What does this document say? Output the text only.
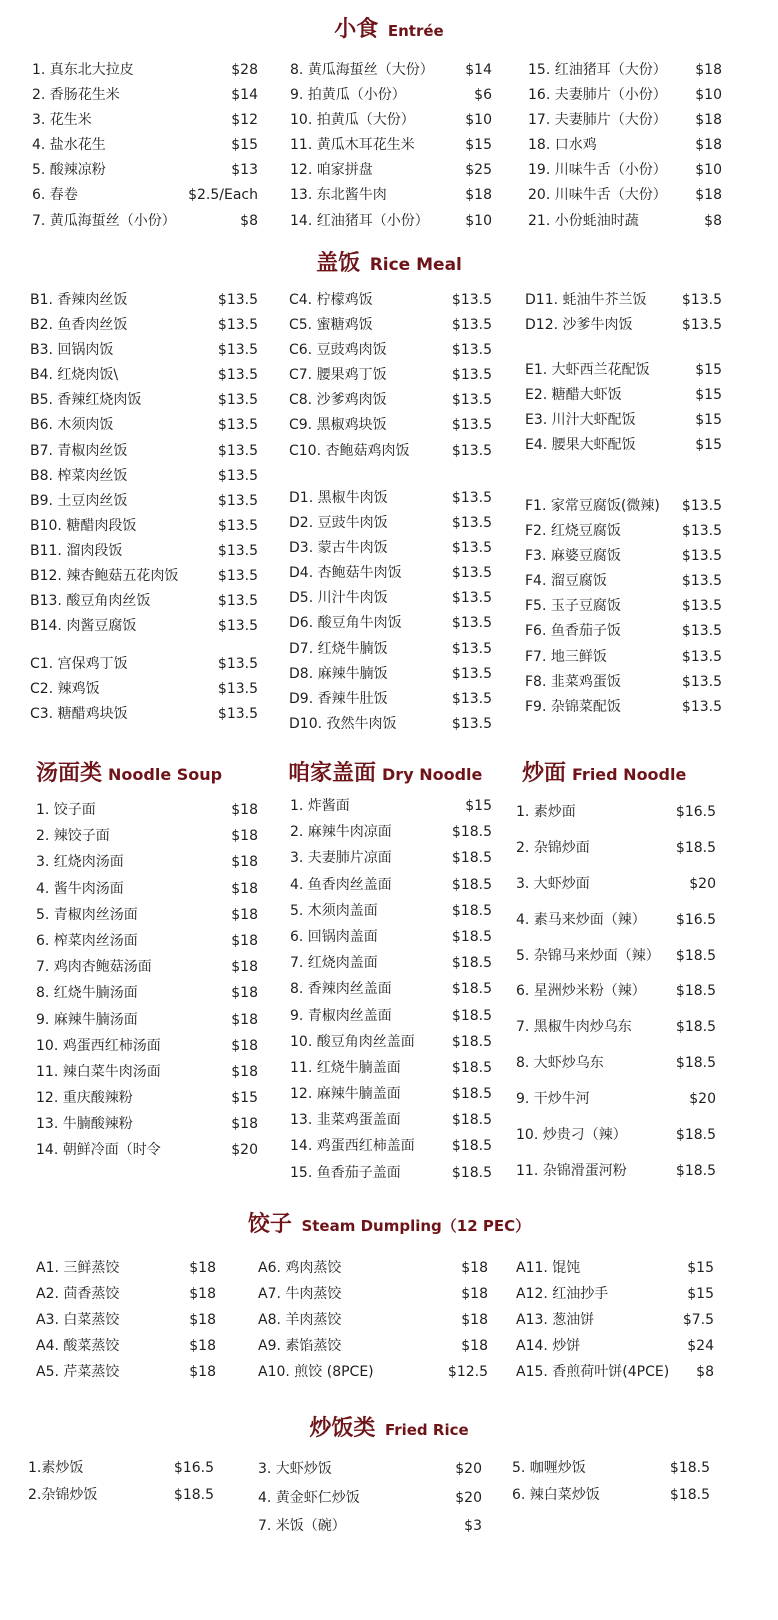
小食 Entrée
1. 真东北大拉皮	$28
2. 香肠花生米	$14
3. 花生米	$12
4. 盐水花生	$15
5. 酸辣凉粉	$13
6. 春卷	$2.5/Each
7. 黄瓜海蜇丝（小份）	$8
8. 黄瓜海蜇丝（大份） $14
9. 拍黄瓜（小份）	$6
10. 拍黄瓜（大份）	$10
11. 黄瓜木耳花生米	$15
12. 咱家拼盘	$25
13. 东北酱牛肉	$18
14. 红油猪耳（小份）	$10
15. 红油猪耳（大份） $18
16. 夫妻肺片（小份） $10
17. 夫妻肺片（大份） $18
18. 口水鸡	$18
19. 川味牛舌（小份） $10
20. 川味牛舌（大份） $18
21. 小份蚝油时蔬	$8
盖饭 Rice Meal
B1. 香辣肉丝饭	$13.5
B2. 鱼香肉丝饭	$13.5
B3. 回锅肉饭	$13.5
B4. 红烧肉饭\	$13.5
B5. 香辣红烧肉饭	$13.5
B6. 木须肉饭	$13.5
B7. 青椒肉丝饭	$13.5
B8. 榨菜肉丝饭	$13.5
B9. 土豆肉丝饭	$13.5
B10. 糖醋肉段饭	$13.5
B11. 溜肉段饭	$13.5
B12. 辣杏鲍菇五花肉饭	$13.5
B13. 酸豆角肉丝饭	$13.5
B14. 肉酱豆腐饭	$13.5
C1. 宫保鸡丁饭	$13.5
C2. 辣鸡饭	$13.5
C3. 糖醋鸡块饭	$13.5
C4. 柠檬鸡饭	$13.5
C5. 蜜糖鸡饭	$13.5
C6. 豆豉鸡肉饭	$13.5
C7. 腰果鸡丁饭	$13.5
C8. 沙爹鸡肉饭	$13.5
C9. 黑椒鸡块饭	$13.5
C10. 杏鲍菇鸡肉饭	$13.5
D1. 黑椒牛肉饭	$13.5
D2. 豆豉牛肉饭	$13.5
D3. 蒙古牛肉饭	$13.5
D4. 杏鲍菇牛肉饭	$13.5
D5. 川汁牛肉饭	$13.5
D6. 酸豆角牛肉饭	$13.5
D7. 红烧牛腩饭	$13.5
D8. 麻辣牛腩饭	$13.5
D9. 香辣牛肚饭	$13.5
D10. 孜然牛肉饭	$13.5
D11. 蚝油牛芥兰饭	$13.5
D12. 沙爹牛肉饭	$13.5
E1. 大虾西兰花配饭	$15
E2. 糖醋大虾饭	$15
E3. 川汁大虾配饭	$15
E4. 腰果大虾配饭	$15
F1. 家常豆腐饭(微辣) $13.5
F2. 红烧豆腐饭	$13.5
F3. 麻婆豆腐饭	$13.5
F4. 溜豆腐饭	$13.5
F5. 玉子豆腐饭	$13.5
F6. 鱼香茄子饭	$13.5
F7. 地三鲜饭	$13.5
F8. 韭菜鸡蛋饭	$13.5
F9. 杂锦菜配饭	$13.5
汤面类 Noodle Soup	咱家盖面 Dry Noodle 炒面 Fried Noodle
1. 饺子面	$18
2. 辣饺子面	$18
3. 红烧肉汤面	$18
4. 酱牛肉汤面	$18
5. 青椒肉丝汤面	$18
6. 榨菜肉丝汤面	$18
7. 鸡肉杏鲍菇汤面	$18
8. 红烧牛腩汤面	$18
9. 麻辣牛腩汤面	$18
10. 鸡蛋西红柿汤面	$18
11. 辣白菜牛肉汤面	$18
12. 重庆酸辣粉	$15
13. 牛腩酸辣粉	$18
14. 朝鲜冷面（时令	$20
1. 炸酱面	$15
2. 麻辣牛肉凉面	$18.5
3. 夫妻肺片凉面	$18.5
4. 鱼香肉丝盖面	$18.5
5. 木须肉盖面	$18.5
6. 回锅肉盖面	$18.5
7. 红烧肉盖面	$18.5
8. 香辣肉丝盖面	$18.5
9. 青椒肉丝盖面	$18.5
10. 酸豆角肉丝盖面	$18.5
11. 红烧牛腩盖面	$18.5
12. 麻辣牛腩盖面	$18.5
13. 韭菜鸡蛋盖面	$18.5
14. 鸡蛋西红柿盖面	$18.5
15. 鱼香茄子盖面	$18.5
1. 素炒面	$16.5
2. 杂锦炒面	$18.5
3. 大虾炒面	$20
4. 素马来炒面（辣） $16.5
5. 杂锦马来炒面（辣） $18.5
6. 星洲炒米粉（辣） $18.5
7. 黑椒牛肉炒乌东	$18.5
8. 大虾炒乌东	$18.5
9. 干炒牛河	$20
10. 炒贵刁（辣）	$18.5
11. 杂锦滑蛋河粉	$18.5
饺子 Steam Dumpling（12 PEC）
A1. 三鲜蒸饺	$18
A2. 茴香蒸饺	$18
A3. 白菜蒸饺	$18
A4. 酸菜蒸饺	$18
A5. 芹菜蒸饺	$18
A6. 鸡肉蒸饺	$18
A7. 牛肉蒸饺	$18
A8. 羊肉蒸饺	$18
A9. 素馅蒸饺	$18
A10. 煎饺 (8PCE)	$12.5
A11. 馄饨	$15
A12. 红油抄手	$15
A13. 葱油饼	$7.5
A14. 炒饼	$24
A15. 香煎荷叶饼(4PCE) $8
炒饭类 Fried Rice
1.素炒饭	$16.5
2.杂锦炒饭	$18.5
3. 大虾炒饭	$20
4. 黄金虾仁炒饭	$20
7. 米饭（碗）	$3
5. 咖喱炒饭	$18.5
6. 辣白菜炒饭	$18.5
